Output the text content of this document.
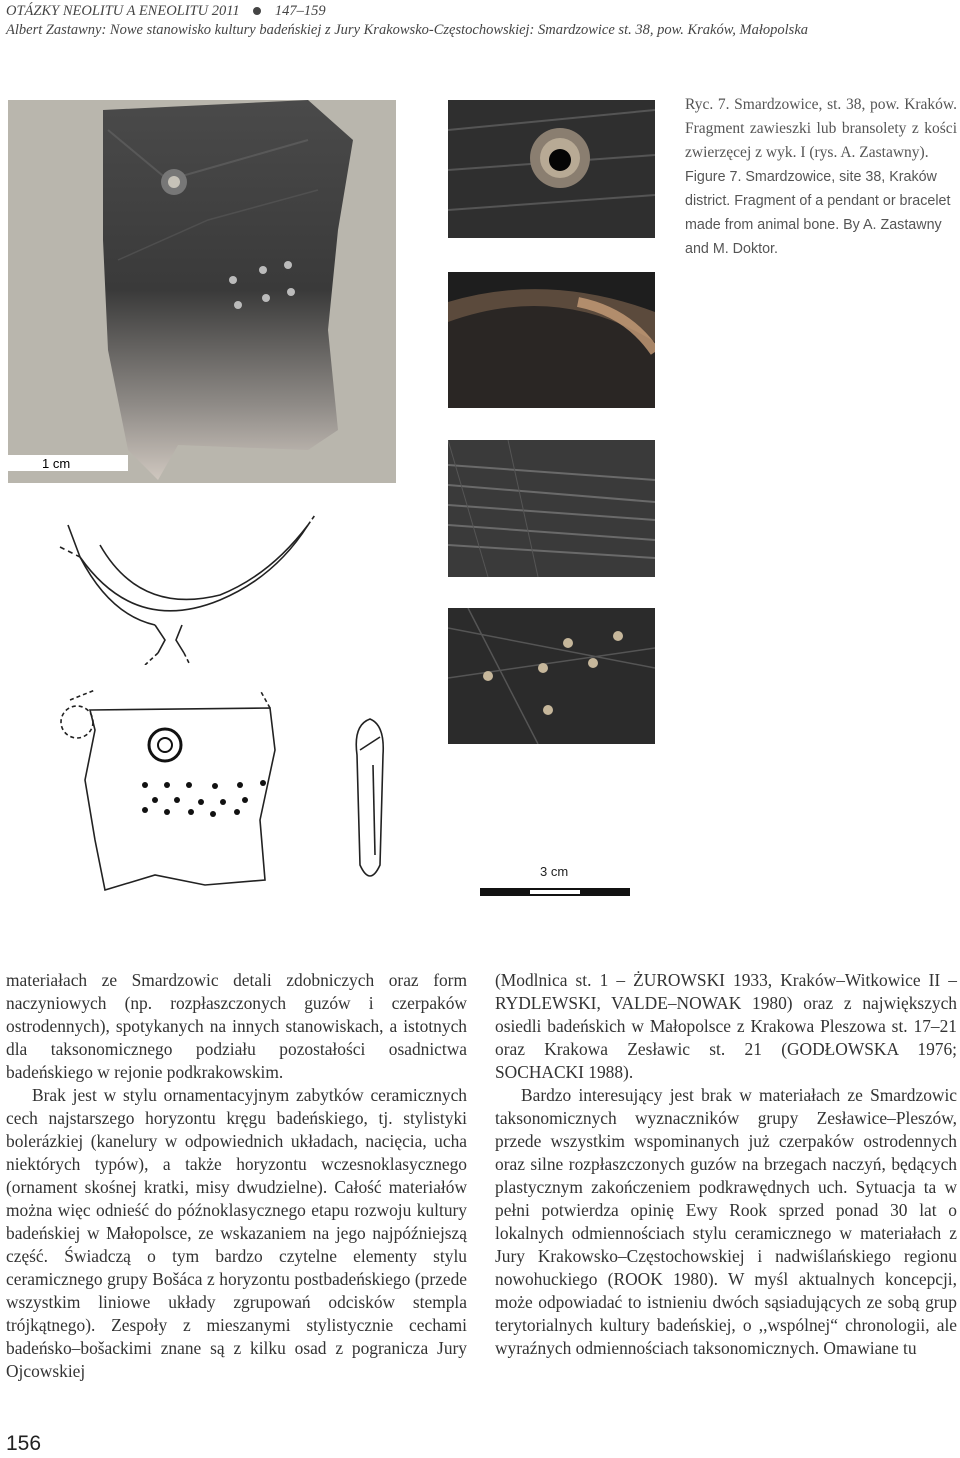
OTÁZKY NEOLITU A ENEOLITU 2011 147–159
Albert Zastawny: Nowe stanowisko kultury badeńskiej z Jury Krakowsko-Częstochowskiej: Smardzowice st. 38, pow. Kraków, Małopolska
1 cm
Ryc. 7. Smardzowice, st. 38, pow. Kraków. Fragment zawieszki lub bransolety z kości zwierzęcej z wyk. I (rys. A. Zastawny).
Figure 7. Smardzowice, site 38, Kraków district. Fragment of a pendant or bracelet made from animal bone. By A. Zastawny and M. Doktor.
3 cm

materiałach ze Smardzowic detali zdobniczych oraz form naczyniowych (np. rozpłaszczonych guzów i czerpaków ostrodennych), spotykanych na innych stanowiskach, a istotnych dla taksonomicznego podziału pozostałości osadnictwa badeńskiego w rejonie podkrakowskim.

Brak jest w stylu ornamentacyjnym zabytków ceramicznych cech najstarszego horyzontu kręgu badeńskiego, tj. stylistyki bolerázkiej (kanelury w odpowiednich układach, nacięcia, ucha niektórych typów), a także horyzontu wczesnoklasycznego (ornament skośnej kratki, misy dwudzielne). Całość materiałów można więc odnieść do późnoklasycznego etapu rozwoju kultury badeńskiej w Małopolsce, ze wskazaniem na jego najpóźniejszą część. Świadczą o tym bardzo czytelne elementy stylu ceramicznego grupy Bošáca z horyzontu postbadeńskiego (przede wszystkim liniowe układy zgrupowań odcisków stempla trójkątnego). Zespoły z mieszanymi stylistycznie cechami badeńsko–bošackimi znane są z kilku osad z pogranicza Jury Ojcowskiej

(Modlnica st. 1 – ŻUROWSKI 1933, Kraków–Witkowice II – RYDLEWSKI, VALDE–NOWAK 1980) oraz z największych osiedli badeńskich w Małopolsce z Krakowa Pleszowa st. 17–21 oraz Krakowa Zesławic st. 21 (GODŁOWSKA 1976; SOCHACKI 1988).

Bardzo interesujący jest brak w materiałach ze Smardzowic taksonomicznych wyznaczników grupy Zesławice–Pleszów, przede wszystkim wspominanych już czerpaków ostrodennych oraz silne rozpłaszczonych guzów na brzegach naczyń, będących plastycznym zakończeniem podkrawędnych uch. Sytuacja ta w pełni potwierdza opinię Ewy Rook sprzed ponad 30 lat o lokalnych odmiennościach stylu ceramicznego w materiałach z Jury Krakowsko–Częstochowskiej i nadwiślańskiego regionu nowohuckiego (ROOK 1980). W myśl aktualnych koncepcji, może odpowiadać to istnieniu dwóch sąsiadujących ze sobą grup terytorialnych kultury badeńskiej, o ,,wspólnej“ chronologii, ale wyraźnych odmiennościach taksonomicznych. Omawiane tu

156
